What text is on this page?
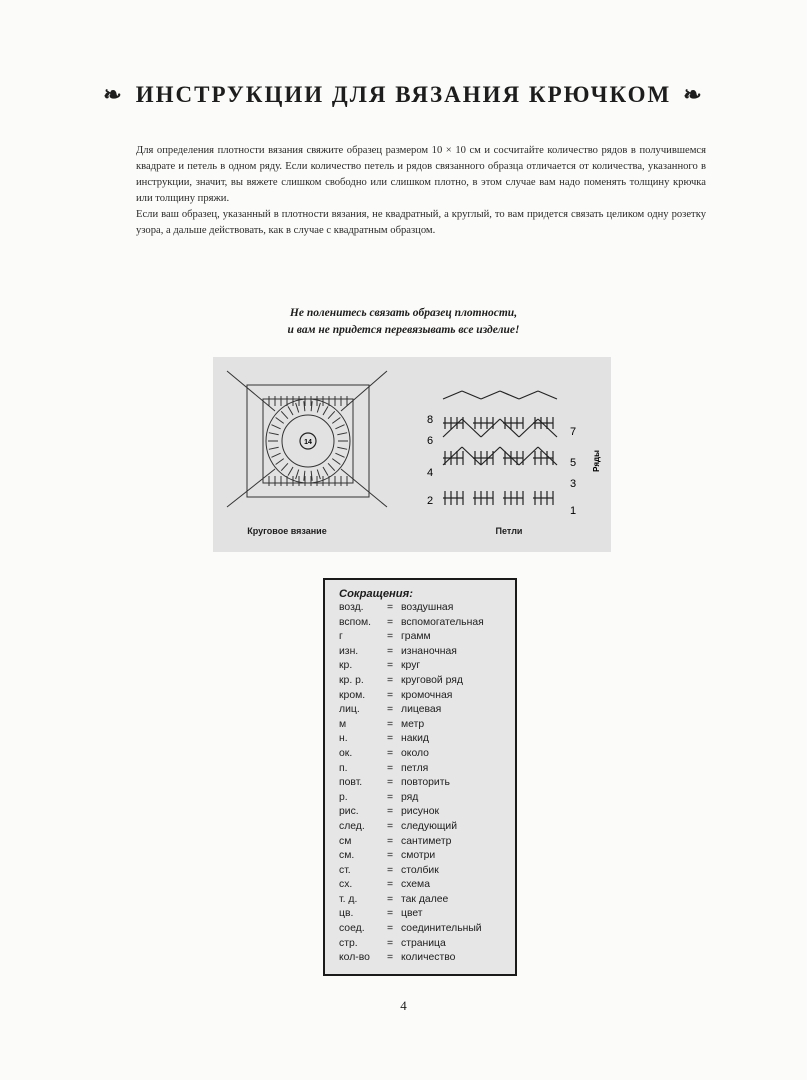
❧ ИНСТРУКЦИИ ДЛЯ ВЯЗАНИЯ КРЮЧКОМ ❧

Для определения плотности вязания свяжите образец размером 10 × 10 см и сосчитайте количество рядов в получившемся квадрате и петель в одном ряду. Если количество петель и рядов связанного образца отличается от количества, указанного в инструкции, значит, вы вяжете слишком свободно или слишком плотно, в этом случае вам надо поменять толщину крючка или толщину пряжи.

Если ваш образец, указанный в плотности вязания, не квадратный, а круглый, то вам придется связать целиком одну розетку узора, а дальше действовать, как в случае с квадратным образцом.

Не поленитесь связать образец плотности,
и вам не придется перевязывать все изделие!
14
Круговое вязание
8
6
4
2
7
5
3
1
Ряды
Петли
Сокращения:
возд.	= воздушная
вспом.	= вспомогательная
г	= грамм
изн.	= изнаночная
кр.	= круг
кр. р.	= круговой ряд
кром.	= кромочная
лиц.	= лицевая
м	= метр
н.	= накид
ок.	= около
п.	= петля
повт.	= повторить
р.	= ряд
рис.	= рисунок
след.	= следующий
см	= сантиметр
см.	= смотри
ст.	= столбик
сх.	= схема
т. д.	= так далее
цв.	= цвет
соед.	= соединительный
стр.	= страница
кол-во	= количество
4
